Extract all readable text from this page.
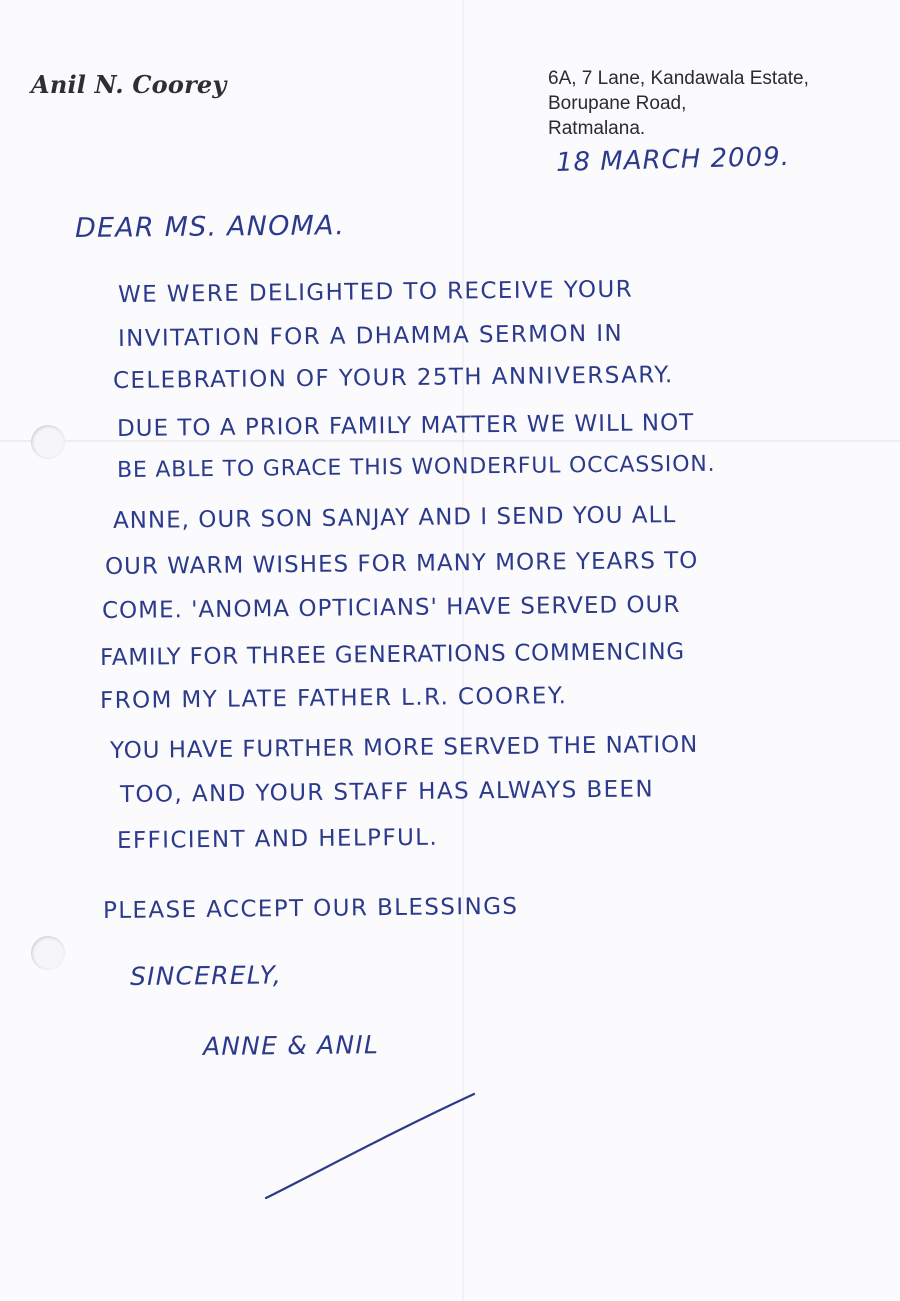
Anil N. Coorey	6A, 7 Lane, Kandawala Estate,
Borupane Road,
Ratmalana.
18 MARCH 2009.
DEAR MS. ANOMA.
WE WERE DELIGHTED TO RECEIVE YOUR
INVITATION FOR A DHAMMA SERMON IN
CELEBRATION OF YOUR 25TH ANNIVERSARY.
DUE TO A PRIOR FAMILY MATTER WE WILL NOT
BE ABLE TO GRACE THIS WONDERFUL OCCASSION.
ANNE, OUR SON SANJAY AND I SEND YOU ALL
OUR WARM WISHES FOR MANY MORE YEARS TO
COME. 'ANOMA OPTICIANS' HAVE SERVED OUR
FAMILY FOR THREE GENERATIONS COMMENCING
FROM MY LATE FATHER L.R. COOREY.
YOU HAVE FURTHER MORE SERVED THE NATION
TOO, AND YOUR STAFF HAS ALWAYS BEEN
EFFICIENT AND HELPFUL.
PLEASE ACCEPT OUR BLESSINGS
SINCERELY,
ANNE & ANIL
